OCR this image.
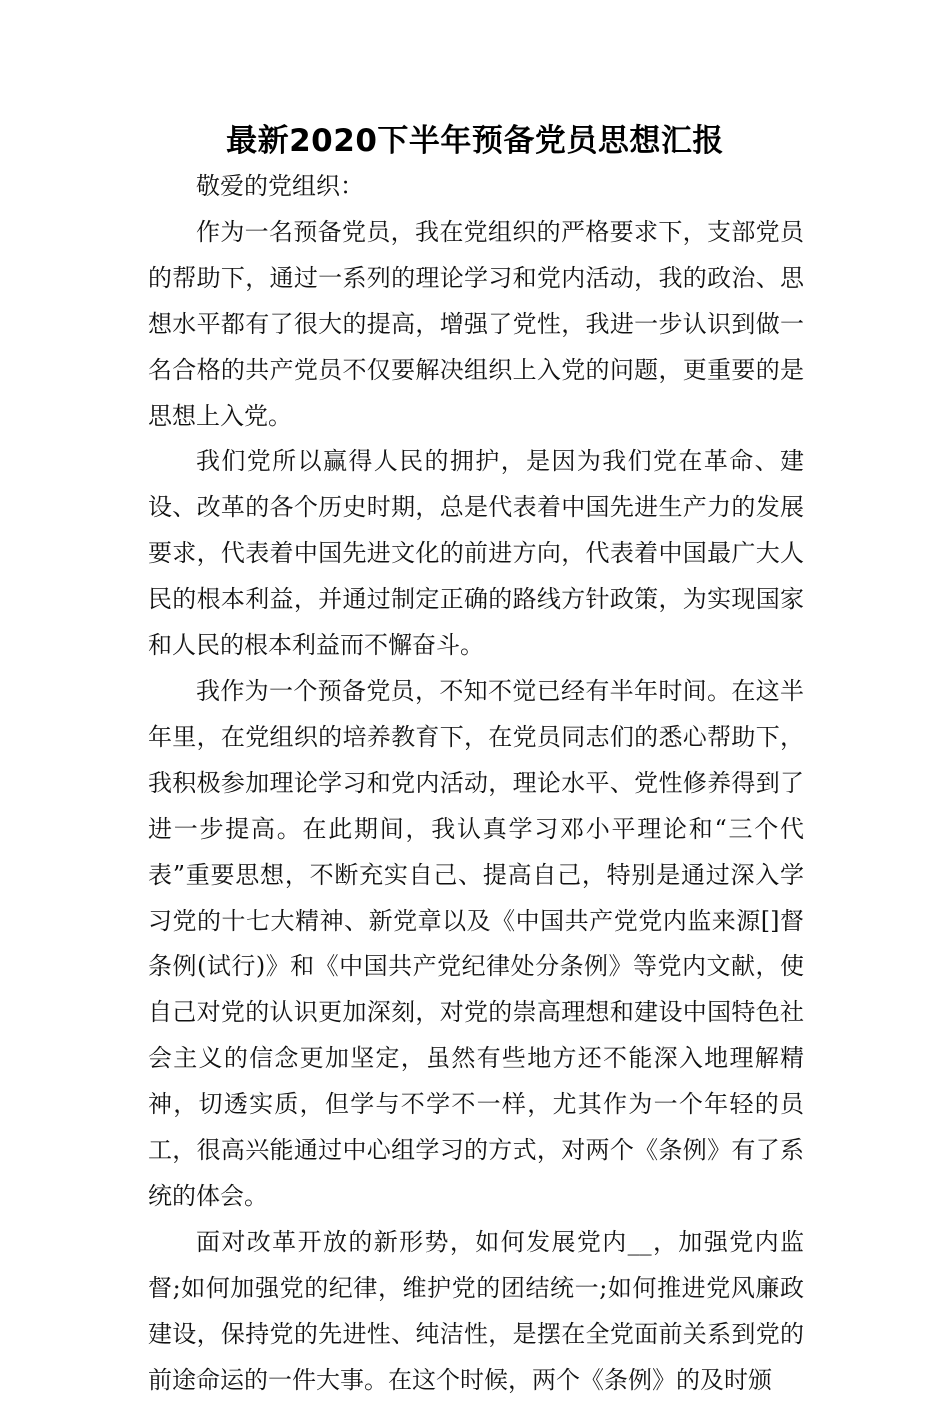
最新2020下半年预备党员思想汇报

敬爱的党组织：

作为一名预备党员，我在党组织的严格要求下，支部党员的帮助下，通过一系列的理论学习和党内活动，我的政治、思想水平都有了很大的提高，增强了党性，我进一步认识到做一名合格的共产党员不仅要解决组织上入党的问题，更重要的是思想上入党。

我们党所以赢得人民的拥护，是因为我们党在革命、建设、改革的各个历史时期，总是代表着中国先进生产力的发展要求，代表着中国先进文化的前进方向，代表着中国最广大人民的根本利益，并通过制定正确的路线方针政策，为实现国家和人民的根本利益而不懈奋斗。

我作为一个预备党员，不知不觉已经有半年时间。在这半年里，在党组织的培养教育下，在党员同志们的悉心帮助下，我积极参加理论学习和党内活动，理论水平、党性修养得到了进一步提高。在此期间，我认真学习邓小平理论和“三个代表”重要思想，不断充实自己、提高自己，特别是通过深入学习党的十七大精神、新党章以及《中国共产党党内监来源[]督条例(试行)》和《中国共产党纪律处分条例》等党内文献，使自己对党的认识更加深刻，对党的崇高理想和建设中国特色社会主义的信念更加坚定，虽然有些地方还不能深入地理解精神，切透实质，但学与不学不一样，尤其作为一个年轻的员工，很高兴能通过中心组学习的方式，对两个《条例》有了系统的体会。

面对改革开放的新形势，如何发展党内__，加强党内监督;如何加强党的纪律，维护党的团结统一;如何推进党风廉政建设，保持党的先进性、纯洁性，是摆在全党面前关系到党的前途命运的一件大事。在这个时候，两个《条例》的及时颁
